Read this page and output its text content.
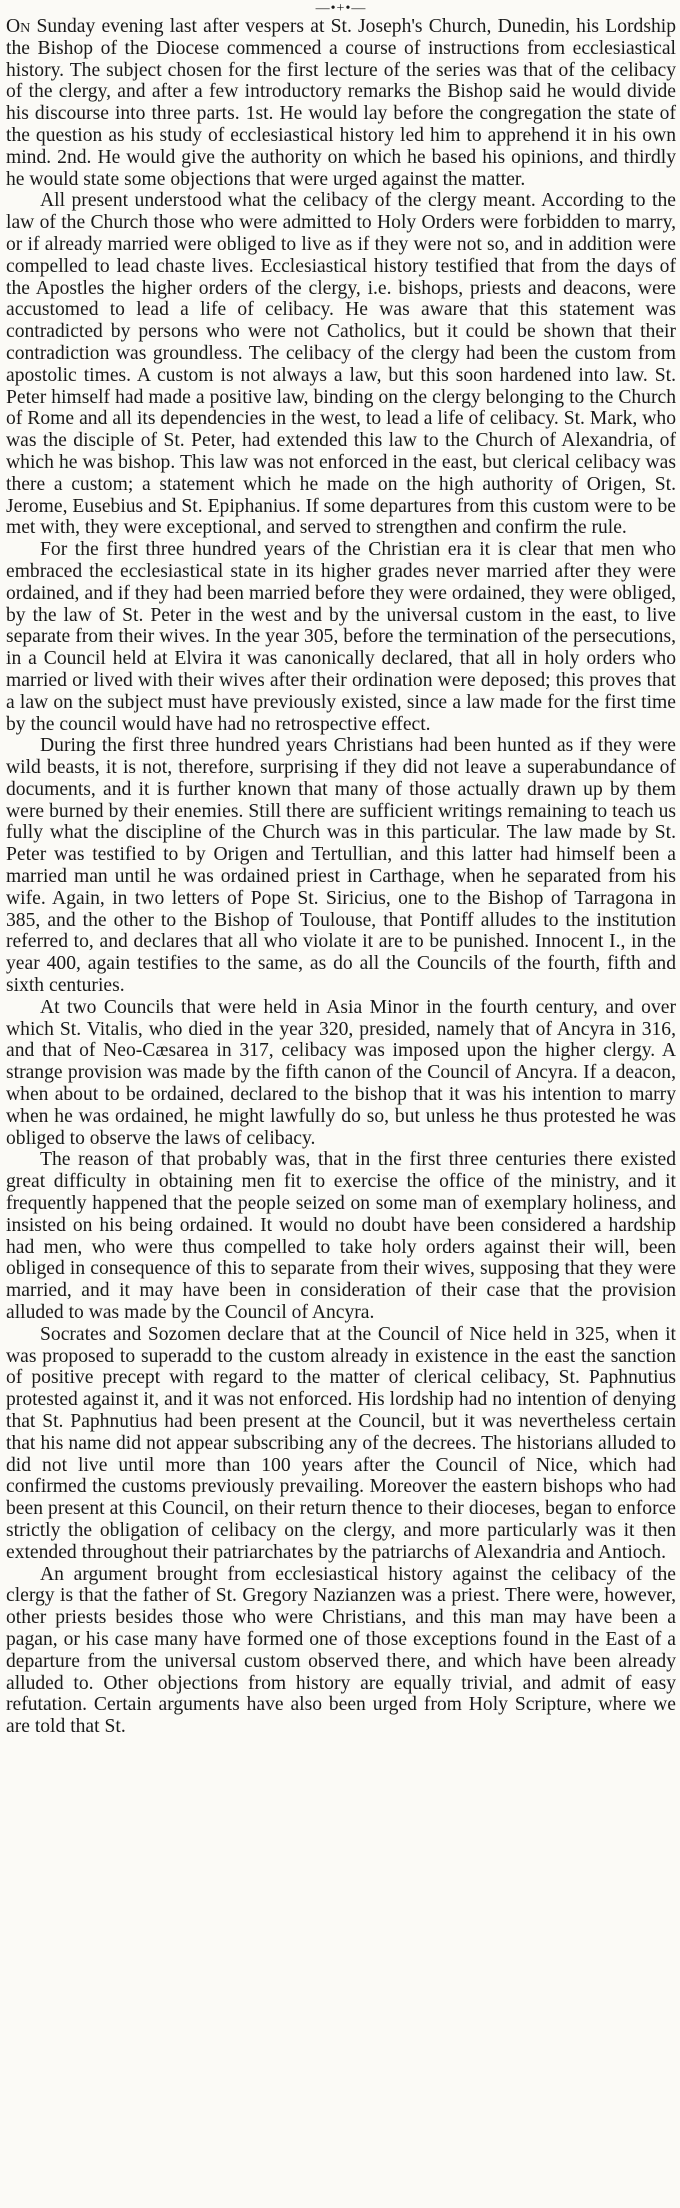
—•+•—

On Sunday evening last after vespers at St. Joseph's Church, Dunedin, his Lordship the Bishop of the Diocese commenced a course of instructions from ecclesiastical history. The subject chosen for the first lecture of the series was that of the celibacy of the clergy, and after a few introductory remarks the Bishop said he would divide his discourse into three parts. 1st. He would lay before the congregation the state of the question as his study of ecclesiastical history led him to apprehend it in his own mind. 2nd. He would give the authority on which he based his opinions, and thirdly he would state some objections that were urged against the matter.

All present understood what the celibacy of the clergy meant. According to the law of the Church those who were admitted to Holy Orders were forbidden to marry, or if already married were obliged to live as if they were not so, and in addition were compelled to lead chaste lives. Ecclesiastical history testified that from the days of the Apostles the higher orders of the clergy, i.e. bishops, priests and deacons, were accustomed to lead a life of celibacy. He was aware that this statement was contradicted by persons who were not Catholics, but it could be shown that their contradiction was groundless. The celibacy of the clergy had been the custom from apostolic times. A custom is not always a law, but this soon hardened into law. St. Peter himself had made a positive law, binding on the clergy belonging to the Church of Rome and all its dependencies in the west, to lead a life of celibacy. St. Mark, who was the disciple of St. Peter, had extended this law to the Church of Alexandria, of which he was bishop. This law was not enforced in the east, but clerical celibacy was there a custom; a statement which he made on the high authority of Origen, St. Jerome, Eusebius and St. Epiphanius. If some departures from this custom were to be met with, they were exceptional, and served to strengthen and confirm the rule.

For the first three hundred years of the Christian era it is clear that men who embraced the ecclesiastical state in its higher grades never married after they were ordained, and if they had been married before they were ordained, they were obliged, by the law of St. Peter in the west and by the universal custom in the east, to live separate from their wives. In the year 305, before the termination of the persecutions, in a Council held at Elvira it was canonically declared, that all in holy orders who married or lived with their wives after their ordination were deposed; this proves that a law on the subject must have previously existed, since a law made for the first time by the council would have had no retrospective effect.

During the first three hundred years Christians had been hunted as if they were wild beasts, it is not, therefore, surprising if they did not leave a superabundance of documents, and it is further known that many of those actually drawn up by them were burned by their enemies. Still there are sufficient writings remaining to teach us fully what the discipline of the Church was in this particular. The law made by St. Peter was testified to by Origen and Tertullian, and this latter had himself been a married man until he was ordained priest in Carthage, when he separated from his wife. Again, in two letters of Pope St. Siricius, one to the Bishop of Tarragona in 385, and the other to the Bishop of Toulouse, that Pontiff alludes to the institution referred to, and declares that all who violate it are to be punished. Innocent I., in the year 400, again testifies to the same, as do all the Councils of the fourth, fifth and sixth centuries.

At two Councils that were held in Asia Minor in the fourth century, and over which St. Vitalis, who died in the year 320, presided, namely that of Ancyra in 316, and that of Neo-Cæsarea in 317, celibacy was imposed upon the higher clergy. A strange provision was made by the fifth canon of the Council of Ancyra. If a deacon, when about to be ordained, declared to the bishop that it was his intention to marry when he was ordained, he might lawfully do so, but unless he thus protested he was obliged to observe the laws of celibacy.

The reason of that probably was, that in the first three centuries there existed great difficulty in obtaining men fit to exercise the office of the ministry, and it frequently happened that the people seized on some man of exemplary holiness, and insisted on his being ordained. It would no doubt have been considered a hardship had men, who were thus compelled to take holy orders against their will, been obliged in consequence of this to separate from their wives, supposing that they were married, and it may have been in consideration of their case that the provision alluded to was made by the Council of Ancyra.

Socrates and Sozomen declare that at the Council of Nice held in 325, when it was proposed to superadd to the custom already in existence in the east the sanction of positive precept with regard to the matter of clerical celibacy, St. Paphnutius protested against it, and it was not enforced. His lordship had no intention of denying that St. Paphnutius had been present at the Council, but it was nevertheless certain that his name did not appear subscribing any of the decrees. The historians alluded to did not live until more than 100 years after the Council of Nice, which had confirmed the customs previously prevailing. Moreover the eastern bishops who had been present at this Council, on their return thence to their dioceses, began to enforce strictly the obligation of celibacy on the clergy, and more particularly was it then extended throughout their patriarchates by the patriarchs of Alexandria and Antioch.

An argument brought from ecclesiastical history against the celibacy of the clergy is that the father of St. Gregory Nazianzen was a priest. There were, however, other priests besides those who were Christians, and this man may have been a pagan, or his case many have formed one of those exceptions found in the East of a departure from the universal custom observed there, and which have been already alluded to. Other objections from history are equally trivial, and admit of easy refutation. Certain arguments have also been urged from Holy Scripture, where we are told that St.
